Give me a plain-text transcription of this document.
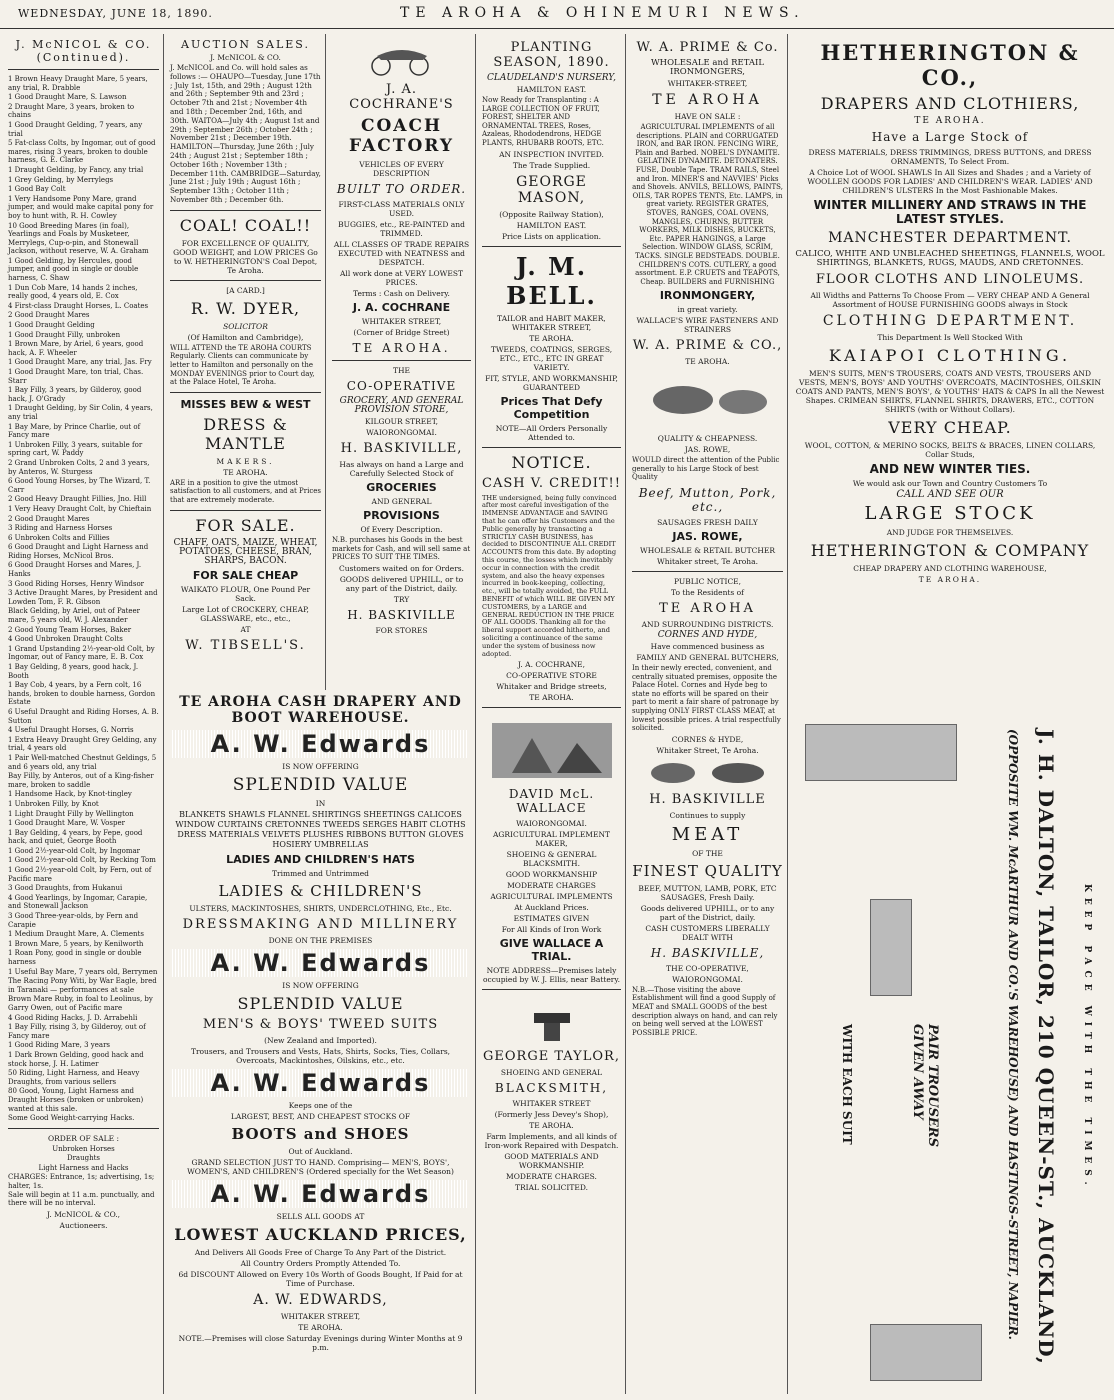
WEDNESDAY, JUNE 18, 1890.	TE AROHA & OHINEMURI NEWS.
J. McNICOL & CO. (Continued).

1 Brown Heavy Draught Mare, 5 years, any trial, R. Drabble

1 Good Draught Mare, S. Lawson

2 Draught Mare, 3 years, broken to chains

1 Good Draught Gelding, 7 years, any trial

5 Fat-class Colts, by Ingomar, out of good mares, rising 3 years, broken to double harness, G. E. Clarke

1 Draught Gelding, by Fancy, any trial

1 Grey Gelding, by Merrylegs

1 Good Bay Colt

1 Very Handsome Pony Mare, grand jumper, and would make capital pony for boy to hunt with, R. H. Cowley

10 Good Breeding Mares (in foal), Yearlings and Foals by Musketeer, Merrylegs, Cup-o-pin, and Stonewall Jackson, without reserve, W. A. Graham

1 Good Gelding, by Hercules, good jumper, and good in single or double harness, C. Shaw

1 Dun Cob Mare, 14 hands 2 inches, really good, 4 years old, E. Cox

4 First-class Draught Horses, L. Coates

2 Good Draught Mares

1 Good Draught Gelding

1 Good Draught Filly, unbroken

1 Brown Mare, by Ariel, 6 years, good hack, A. F. Wheeler

1 Good Draught Mare, any trial, Jas. Fry

1 Good Draught Mare, ton trial, Chas. Starr

1 Bay Filly, 3 years, by Gilderoy, good hack, J. O'Grady

1 Draught Gelding, by Sir Colin, 4 years, any trial

1 Bay Mare, by Prince Charlie, out of Fancy mare

1 Unbroken Filly, 3 years, suitable for spring cart, W. Paddy

2 Grand Unbroken Colts, 2 and 3 years, by Anteros, W. Sturgess

6 Good Young Horses, by The Wizard, T. Carr

2 Good Heavy Draught Fillies, Jno. Hill

1 Very Heavy Draught Colt, by Chieftain

2 Good Draught Mares

3 Riding and Harness Horses

6 Unbroken Colts and Fillies

6 Good Draught and Light Harness and Riding Horses, McNicol Bros.

6 Good Draught Horses and Mares, J. Hanks

3 Good Riding Horses, Henry Windsor

3 Active Draught Mares, by President and Lowden Tom, F. R. Gibson

Black Gelding, by Ariel, out of Pateer mare, 5 years old, W. J. Alexander

2 Good Young Team Horses, Baker

4 Good Unbroken Draught Colts

1 Grand Upstanding 2½-year-old Colt, by Ingomar, out of Fancy mare, E. B. Cox

1 Bay Gelding, 8 years, good hack, J. Booth

1 Bay Cob, 4 years, by a Fern colt, 16 hands, broken to double harness, Gordon Estate

6 Useful Draught and Riding Horses, A. B. Sutton

4 Useful Draught Horses, G. Norris

1 Extra Heavy Draught Grey Gelding, any trial, 4 years old

1 Pair Well-matched Chestnut Geldings, 5 and 6 years old, any trial

Bay Filly, by Anteros, out of a King-fisher mare, broken to saddle

1 Handsome Hack, by Knot-tingley

1 Unbroken Filly, by Knot

1 Light Draught Filly by Wellington

1 Good Draught Mare, W. Vosper

1 Bay Gelding, 4 years, by Fepe, good hack, and quiet, George Booth

1 Good 2½-year-old Colt, by Ingomar

1 Good 2½-year-old Colt, by Recking Tom

1 Good 2½-year-old Colt, by Fern, out of Pacific mare

3 Good Draughts, from Hukanui

4 Good Yearlings, by Ingomar, Carapie, and Stonewall Jackson

3 Good Three-year-olds, by Fern and Carapie

1 Medium Draught Mare, A. Clements

1 Brown Mare, 5 years, by Kenilworth

1 Roan Pony, good in single or double harness

1 Useful Bay Mare, 7 years old, Berrymen

The Racing Pony Witi, by War Eagle, bred in Taranaki — performances at sale

Brown Mare Ruby, in foal to Leolinus, by Garry Owen, out of Pacific mare

4 Good Riding Hacks, J. D. Arrabehli

1 Bay Filly, rising 3, by Gilderoy, out of Fancy mare

1 Good Riding Mare, 3 years

1 Dark Brown Gelding, good hack and stock horse, J. H. Latimer

50 Riding, Light Harness, and Heavy Draughts, from various sellers

80 Good, Young, Light Harness and Draught Horses (broken or unbroken) wanted at this sale.

Some Good Weight-carrying Hacks.

ORDER OF SALE :

Unbroken Horses

Draughts

Light Harness and Hacks

CHARGES: Entrance, 1s; advertising, 1s; halter, 1s.
Sale will begin at 11 a.m. punctually, and there will be no interval.
J. McNICOL & CO.,
Auctioneers.
AUCTION SALES.
J. McNICOL & CO.
J. McNICOL and Co. will hold sales as follows :— OHAUPO—Tuesday, June 17th ; July 1st, 15th, and 29th ; August 12th and 26th ; September 9th and 23rd ; October 7th and 21st ; November 4th and 18th ; December 2nd, 16th, and 30th. WAITOA—July 4th ; August 1st and 29th ; September 26th ; October 24th ; November 21st ; December 19th. HAMILTON—Thursday, June 26th ; July 24th ; August 21st ; September 18th ; October 16th ; November 13th ; December 11th. CAMBRIDGE—Saturday, June 21st ; July 19th ; August 16th ; September 13th ; October 11th ; November 8th ; December 6th.
COAL! COAL!!
FOR EXCELLENCE OF QUALITY, GOOD WEIGHT, and LOW PRICES Go to W. HETHERINGTON'S Coal Depot, Te Aroha.
[A CARD.]
R. W. DYER,
SOLICITOR
(Of Hamilton and Cambridge),
WILL ATTEND the TE AROHA COURTS Regularly. Clients can communicate by letter to Hamilton and personally on the MONDAY EVENINGS prior to Court day, at the Palace Hotel, Te Aroha.
MISSES BEW & WEST
DRESS & MANTLE
MAKERS.
TE AROHA.
ARE in a position to give the utmost satisfaction to all customers, and at Prices that are extremely moderate.
FOR SALE.
CHAFF, OATS, MAIZE, WHEAT, POTATOES, CHEESE, BRAN, SHARPS, BACON.
FOR SALE CHEAP
WAIKATO FLOUR, One Pound Per Sack.
Large Lot of CROCKERY, CHEAP, GLASSWARE, etc., etc.,
AT
W. TIBSELL'S.
J. A. COCHRANE'S
COACH FACTORY
VEHICLES OF EVERY DESCRIPTION
BUILT TO ORDER.
FIRST-CLASS MATERIALS ONLY USED.
BUGGIES, etc., RE-PAINTED and TRIMMED.
ALL CLASSES OF TRADE REPAIRS EXECUTED with NEATNESS and DESPATCH.
All work done at VERY LOWEST PRICES.
Terms : Cash on Delivery.
J. A. COCHRANE
WHITAKER STREET,
(Corner of Bridge Street)
TE AROHA.
THE
CO-OPERATIVE
GROCERY, AND GENERAL PROVISION STORE,
KILGOUR STREET,
WAIORONGOMAI.
H. BASKIVILLE,
Has always on hand a Large and Carefully Selected Stock of
GROCERIES
AND GENERAL
PROVISIONS
Of Every Description.
N.B. purchases his Goods in the best markets for Cash, and will sell same at PRICES TO SUIT THE TIMES.
Customers waited on for Orders.
GOODS delivered UPHILL, or to any part of the District, daily.
TRY
H. BASKIVILLE
FOR STORES
TE AROHA CASH DRAPERY AND BOOT WAREHOUSE.
A. W. Edwards
IS NOW OFFERING
SPLENDID VALUE
IN
BLANKETS SHAWLS FLANNEL SHIRTINGS SHEETINGS CALICOES WINDOW CURTAINS CRETONNES TWEEDS SERGES HABIT CLOTHS DRESS MATERIALS VELVETS PLUSHES RIBBONS BUTTON GLOVES HOSIERY UMBRELLAS
LADIES AND CHILDREN'S HATS
Trimmed and Untrimmed
LADIES & CHILDREN'S
ULSTERS, MACKINTOSHES, SHIRTS, UNDERCLOTHING, Etc., Etc.
DRESSMAKING AND MILLINERY
DONE ON THE PREMISES
A. W. Edwards
IS NOW OFFERING
SPLENDID VALUE
MEN'S & BOYS' TWEED SUITS
(New Zealand and Imported).
Trousers, and Trousers and Vests, Hats, Shirts, Socks, Ties, Collars, Overcoats, Mackintoshes, Oilskins, etc., etc.
A. W. Edwards
Keeps one of the
LARGEST, BEST, AND CHEAPEST STOCKS OF
BOOTS and SHOES
Out of Auckland.
GRAND SELECTION JUST TO HAND. Comprising— MEN'S, BOYS', WOMEN'S, AND CHILDREN'S (Ordered specially for the Wet Season)
A. W. Edwards
SELLS ALL GOODS AT
LOWEST AUCKLAND PRICES,
And Delivers All Goods Free of Charge To Any Part of the District.
All Country Orders Promptly Attended To.
6d DISCOUNT Allowed on Every 10s Worth of Goods Bought, If Paid for at Time of Purchase.
A. W. EDWARDS,
WHITAKER STREET,
TE AROHA.
NOTE.—Premises will close Saturday Evenings during Winter Months at 9 p.m.
PLANTING SEASON, 1890.
CLAUDELAND'S NURSERY,
HAMILTON EAST.
Now Ready for Transplanting : A LARGE COLLECTION OF FRUIT, FOREST, SHELTER AND ORNAMENTAL TREES, Roses, Azaleas, Rhododendrons, HEDGE PLANTS, RHUBARB ROOTS, ETC.
AN INSPECTION INVITED.
The Trade Supplied.
GEORGE MASON,
(Opposite Railway Station),
HAMILTON EAST.
Price Lists on application.
J. M. BELL.
TAILOR and HABIT MAKER, WHITAKER STREET,
TE AROHA.
TWEEDS, COATINGS, SERGES, ETC., ETC., ETC IN GREAT VARIETY.
FIT, STYLE, AND WORKMANSHIP, GUARANTEED
Prices That Defy Competition
NOTE—All Orders Personally Attended to.
NOTICE.
CASH V. CREDIT!!
THE undersigned, being fully convinced after most careful investigation of the IMMENSE ADVANTAGE and SAVING that he can offer his Customers and the Public generally by transacting a STRICTLY CASH BUSINESS, has decided to DISCONTINUE ALL CREDIT ACCOUNTS from this date. By adopting this course, the losses which inevitably occur in connection with the credit system, and also the heavy expenses incurred in book-keeping, collecting, etc., will be totally avoided, the FULL BENEFIT of which WILL BE GIVEN MY CUSTOMERS, by a LARGE and GENERAL REDUCTION IN THE PRICE OF ALL GOODS. Thanking all for the liberal support accorded hitherto, and soliciting a continuance of the same under the system of business now adopted.
J. A. COCHRANE,
CO-OPERATIVE STORE
Whitaker and Bridge streets,
TE AROHA.
DAVID McL. WALLACE
WAIORONGOMAI.
AGRICULTURAL IMPLEMENT MAKER,
SHOEING & GENERAL BLACKSMITH.
GOOD WORKMANSHIP
MODERATE CHARGES
AGRICULTURAL IMPLEMENTS
At Auckland Prices.
ESTIMATES GIVEN
For All Kinds of Iron Work
GIVE WALLACE A TRIAL.
NOTE ADDRESS—Premises lately occupied by W. J. Ellis, near Battery.
GEORGE TAYLOR,
SHOEING AND GENERAL
BLACKSMITH,
WHITAKER STREET
(Formerly Jess Devey's Shop),
TE AROHA.
Farm Implements, and all kinds of Iron-work Repaired with Despatch.
GOOD MATERIALS AND WORKMANSHIP.
MODERATE CHARGES.
TRIAL SOLICITED.
W. A. PRIME & Co.
WHOLESALE and RETAIL IRONMONGERS,
WHITAKER-STREET,
TE AROHA
HAVE ON SALE :
AGRICULTURAL IMPLEMENTS of all descriptions. PLAIN and CORRUGATED IRON, and BAR IRON. FENCING WIRE, Plain and Barbed. NOBEL'S DYNAMITE. GELATINE DYNAMITE. DETONATERS. FUSE, Double Tape. TRAM RAILS, Steel and Iron. MINER'S and NAVVIES' Picks and Shovels. ANVILS, BELLOWS, PAINTS, OILS, TAR ROPES TENTS, Etc. LAMPS, in great variety. REGISTER GRATES, STOVES, RANGES, COAL OVENS, MANGLES, CHURNS, BUTTER WORKERS, MILK DISHES, BUCKETS, Etc. PAPER HANGINGS, a Large Selection. WINDOW GLASS, SCRIM, TACKS. SINGLE BEDSTEADS. DOUBLE. CHILDREN'S COTS. CUTLERY, a good assortment. E.P. CRUETS and TEAPOTS, Cheap. BUILDERS and FURNISHING
IRONMONGERY,
in great variety.
WALLACE'S WIRE FASTENERS AND STRAINERS
W. A. PRIME & CO.,
TE AROHA.
QUALITY & CHEAPNESS.
JAS. ROWE,
WOULD direct the attention of the Public generally to his Large Stock of best Quality
Beef, Mutton, Pork, etc.,
SAUSAGES FRESH DAILY
JAS. ROWE,
WHOLESALE & RETAIL BUTCHER
Whitaker street, Te Aroha.
PUBLIC NOTICE,
To the Residents of
TE AROHA
AND SURROUNDING DISTRICTS.
CORNES AND HYDE,
Have commenced business as
FAMILY AND GENERAL BUTCHERS,
In their newly erected, convenient, and centrally situated premises, opposite the Palace Hotel. Cornes and Hyde beg to state no efforts will be spared on their part to merit a fair share of patronage by supplying ONLY FIRST CLASS MEAT, at lowest possible prices. A trial respectfully solicited.
CORNES & HYDE,
Whitaker Street, Te Aroha.
H. BASKIVILLE
Continues to supply
MEAT
OF THE
FINEST QUALITY
BEEF, MUTTON, LAMB, PORK, ETC SAUSAGES, Fresh Daily.
Goods delivered UPHILL, or to any part of the District, daily.
CASH CUSTOMERS LIBERALLY DEALT WITH
H. BASKIVILLE,
THE CO-OPERATIVE,
WAIORONGOMAI.
N.B.—Those visiting the above Establishment will find a good Supply of MEAT and SMALL GOODS of the best description always on hand, and can rely on being well served at the LOWEST POSSIBLE PRICE.
HETHERINGTON & CO.,
DRAPERS AND CLOTHIERS,
TE AROHA.
Have a Large Stock of
DRESS MATERIALS, DRESS TRIMMINGS, DRESS BUTTONS, and DRESS ORNAMENTS, To Select From.
A Choice Lot of WOOL SHAWLS In All Sizes and Shades ; and a Variety of WOOLLEN GOODS FOR LADIES' AND CHILDREN'S WEAR. LADIES' AND CHILDREN'S ULSTERS In the Most Fashionable Makes.
WINTER MILLINERY AND STRAWS IN THE LATEST STYLES.
MANCHESTER DEPARTMENT.
CALICO, WHITE AND UNBLEACHED SHEETINGS, FLANNELS, WOOL SHIRTINGS, BLANKETS, RUGS, MAUDS, AND CRETONNES.
FLOOR CLOTHS AND LINOLEUMS.
All Widths and Patterns To Choose From — VERY CHEAP AND A General Assortment of HOUSE FURNISHING GOODS always in Stock
CLOTHING DEPARTMENT.
This Department Is Well Stocked With
KAIAPOI CLOTHING.
MEN'S SUITS, MEN'S TROUSERS, COATS AND VESTS, TROUSERS AND VESTS, MEN'S, BOYS' AND YOUTHS' OVERCOATS, MACINTOSHES, OILSKIN COATS AND PANTS, MEN'S BOYS', & YOUTHS' HATS & CAPS In all the Newest Shapes. CRIMEAN SHIRTS, FLANNEL SHIRTS, DRAWERS, ETC., COTTON SHIRTS (with or Without Collars).
VERY CHEAP.
WOOL, COTTON, & MERINO SOCKS, BELTS & BRACES, LINEN COLLARS, Collar Studs,
AND NEW WINTER TIES.
We would ask our Town and Country Customers To
CALL AND SEE OUR
LARGE STOCK
AND JUDGE FOR THEMSELVES.
HETHERINGTON & COMPANY
CHEAP DRAPERY AND CLOTHING WAREHOUSE,
TE AROHA.
J. H. DALTON, TAILOR, 210 QUEEN-ST., AUCKLAND,
(OPPOSITE WM. McARTHUR AND CO.'S WAREHOUSE) AND HASTINGS-STREET, NAPIER.	KEEP PACE WITH THE TIMES.
PAIR TROUSERS GIVEN AWAY
WITH EACH SUIT
